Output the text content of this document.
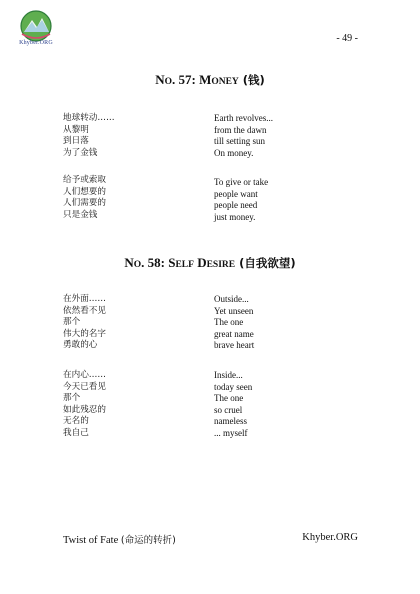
Khyber.ORG	- 49 -
NO. 57: MONEY (钱)
地球转动……
从黎明
到日落
为了金钱
Earth revolves...
from the dawn
till setting sun
On money.
给予或索取
人们想要的
人们需要的
只是金钱
To give or take
people want
people need
just money.
NO. 58: SELF DESIRE (自我欲望)
在外面……
依然看不见
那个
伟大的名字
勇敢的心
Outside...
Yet unseen
The one
great name
brave heart
在内心……
今天已看见
那个
如此残忍的
无名的
我自己
Inside...
today seen
The one
so cruel
nameless
... myself
Twist of Fate (命运的转折)	Khyber.ORG
